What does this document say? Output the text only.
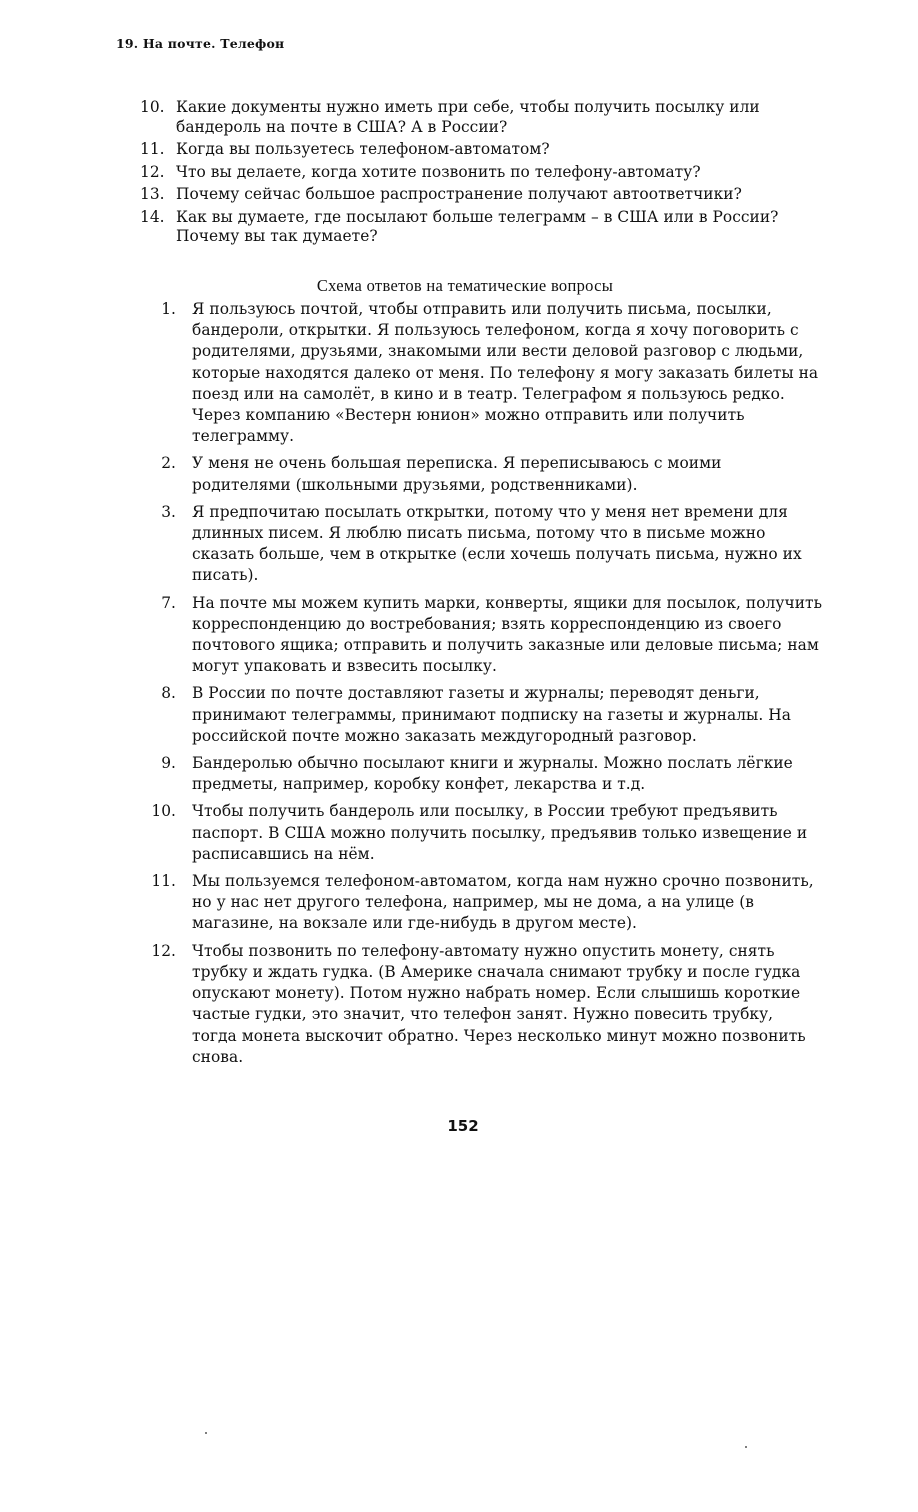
19. На почте. Телефон
10. Какие документы нужно иметь при себе, чтобы получить посылку или бандероль на почте в США? А в России?
11. Когда вы пользуетесь телефоном-автоматом?
12. Что вы делаете, когда хотите позвонить по телефону-автомату?
13. Почему сейчас большое распространение получают автоответчики?
14. Как вы думаете, где посылают больше телеграмм – в США или в России? Почему вы так думаете?
Схема ответов на тематические вопросы
1. Я пользуюсь почтой, чтобы отправить или получить письма, посылки, бандероли, открытки. Я пользуюсь телефоном, когда я хочу поговорить с родителями, друзьями, знакомыми или вести деловой разговор с людьми, которые находятся далеко от меня. По телефону я могу заказать билеты на поезд или на самолёт, в кино и в театр. Телеграфом я пользуюсь редко. Через компанию «Вестерн юнион» можно отправить или получить телеграмму.
2. У меня не очень большая переписка. Я переписываюсь с моими родителями (школьными друзьями, родственниками).
3. Я предпочитаю посылать открытки, потому что у меня нет времени для длинных писем. Я люблю писать письма, потому что в письме можно сказать больше, чем в открытке (если хочешь получать письма, нужно их писать).
7. На почте мы можем купить марки, конверты, ящики для посылок, получить корреспонденцию до востребования; взять корреспонденцию из своего почтового ящика; отправить и получить заказные или деловые письма; нам могут упаковать и взвесить посылку.
8. В России по почте доставляют газеты и журналы; переводят деньги, принимают телеграммы, принимают подписку на газеты и журналы. На российской почте можно заказать междугородный разговор.
9. Бандеролью обычно посылают книги и журналы. Можно послать лёгкие предметы, например, коробку конфет, лекарства и т.д.
10. Чтобы получить бандероль или посылку, в России требуют предъявить паспорт. В США можно получить посылку, предъявив только извещение и расписавшись на нём.
11. Мы пользуемся телефоном-автоматом, когда нам нужно срочно позвонить, но у нас нет другого телефона, например, мы не дома, а на улице (в магазине, на вокзале или где-нибудь в другом месте).
12. Чтобы позвонить по телефону-автомату нужно опустить монету, снять трубку и ждать гудка. (В Америке сначала снимают трубку и после гудка опускают монету). Потом нужно набрать номер. Если слышишь короткие частые гудки, это значит, что телефон занят. Нужно повесить трубку, тогда монета выскочит обратно. Через несколько минут можно позвонить снова.
152
